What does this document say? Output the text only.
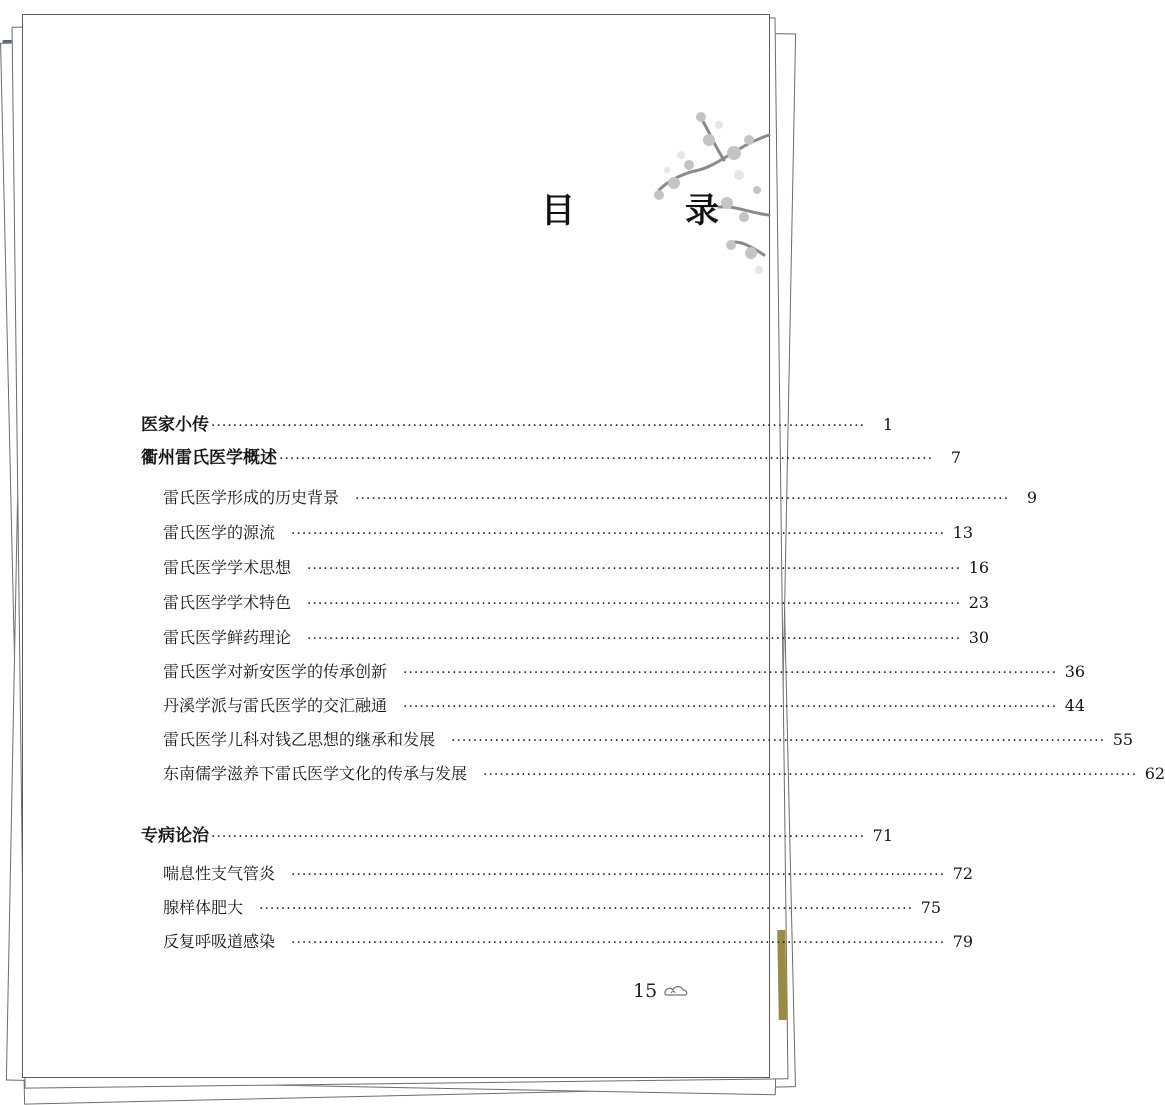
目　录
医家小传 ························································································································	1
衢州雷氏医学概述 ························································································································	7
雷氏医学形成的历史背景 ························································································································	9
雷氏医学的源流 ························································································································ 13
雷氏医学学术思想 ························································································································ 16
雷氏医学学术特色 ························································································································ 23
雷氏医学鲜药理论 ························································································································ 30
雷氏医学对新安医学的传承创新 ························································································································ 36
丹溪学派与雷氏医学的交汇融通 ························································································································ 44
雷氏医学儿科对钱乙思想的继承和发展 ························································································································ 55
东南儒学滋养下雷氏医学文化的传承与发展 ························································································································ 62
专病论治 ························································································································ 71
喘息性支气管炎 ························································································································ 72
腺样体肥大 ························································································································ 75
反复呼吸道感染 ························································································································ 79
15
